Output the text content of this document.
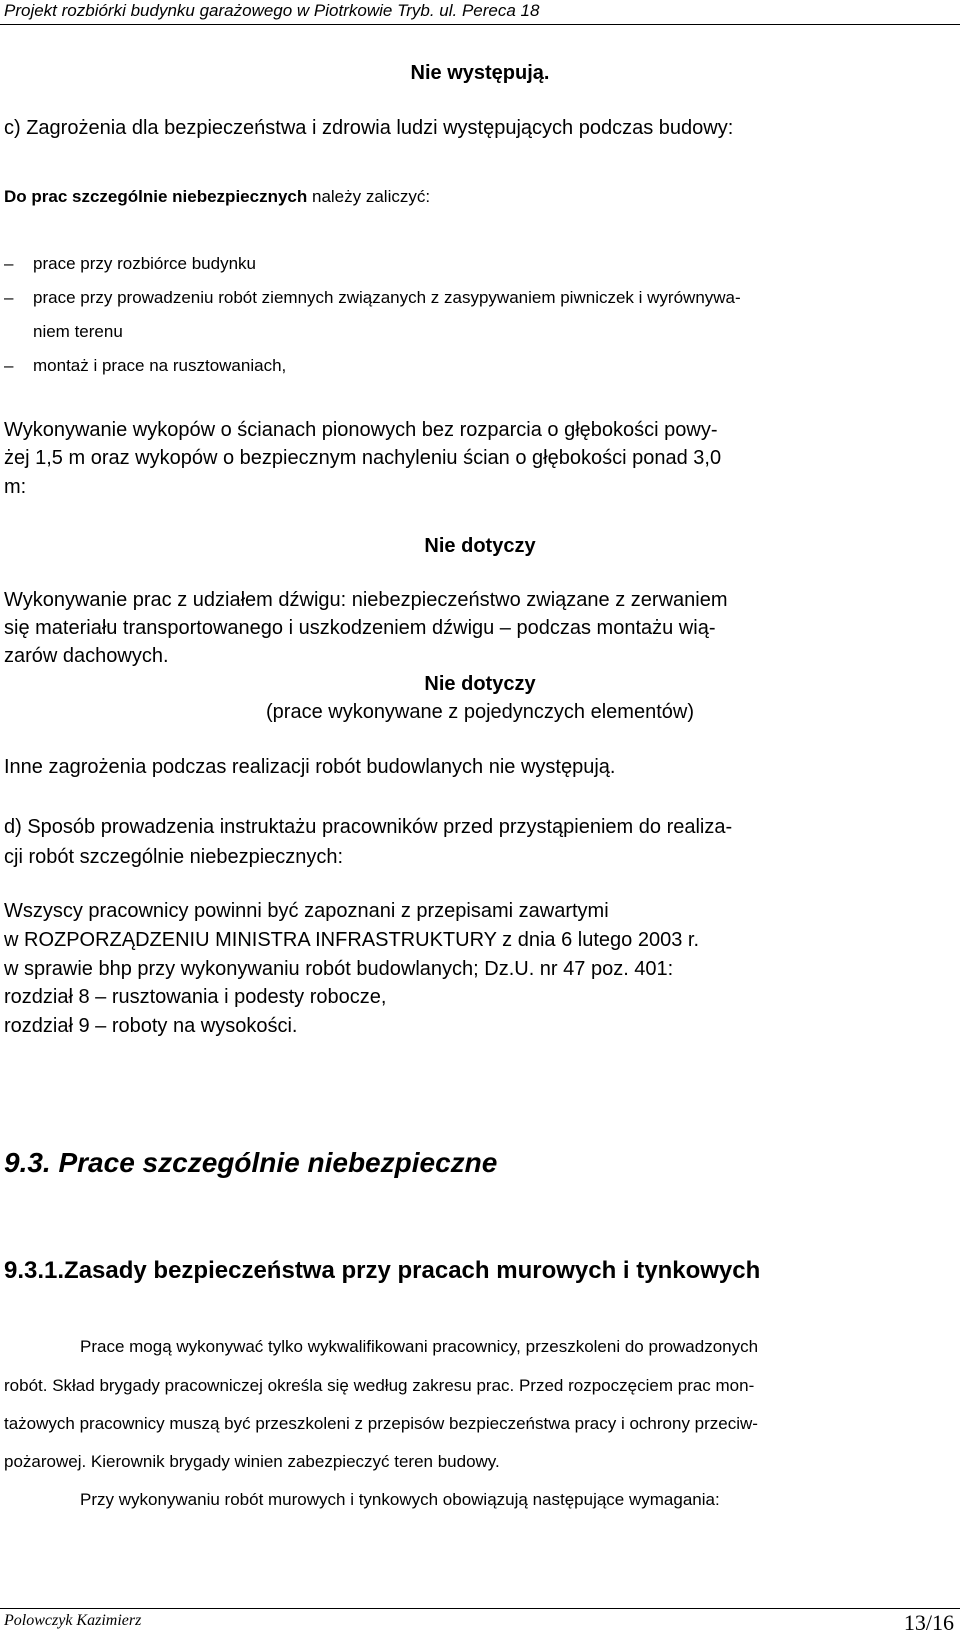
Projekt rozbiórki budynku garażowego w Piotrkowie Tryb. ul. Pereca 18
Nie występują.
c) Zagrożenia dla bezpieczeństwa i zdrowia ludzi występujących podczas budowy:
Do prac szczególnie niebezpiecznych należy zaliczyć:
– prace przy rozbiórce budynku
– prace przy prowadzeniu robót ziemnych związanych z zasypywaniem piwniczek i wyrównywa-
niem terenu
– montaż i prace na rusztowaniach,
Wykonywanie wykopów o ścianach pionowych bez rozparcia o głębokości powy-
żej 1,5 m oraz wykopów o bezpiecznym nachyleniu ścian o głębokości ponad 3,0
m:
Nie dotyczy
Wykonywanie prac z udziałem dźwigu: niebezpieczeństwo związane z zerwaniem
się materiału transportowanego i uszkodzeniem dźwigu – podczas montażu wią-
zarów dachowych.
Nie dotyczy
(prace wykonywane z pojedynczych elementów)
Inne zagrożenia podczas realizacji robót budowlanych nie występują.
d) Sposób prowadzenia instruktażu pracowników przed przystąpieniem do realiza-
cji robót szczególnie niebezpiecznych:
Wszyscy pracownicy powinni być zapoznani z przepisami zawartymi
w ROZPORZĄDZENIU MINISTRA INFRASTRUKTURY z dnia 6 lutego 2003 r.
w sprawie bhp przy wykonywaniu robót budowlanych; Dz.U. nr 47 poz. 401:
rozdział 8 – rusztowania i podesty robocze,
rozdział 9 – roboty na wysokości.
9.3. Prace szczególnie niebezpieczne
9.3.1.Zasady bezpieczeństwa przy pracach murowych i tynkowych
Prace mogą wykonywać tylko wykwalifikowani pracownicy, przeszkoleni do prowadzonych
robót. Skład brygady pracowniczej określa się według zakresu prac. Przed rozpoczęciem prac mon-
tażowych pracownicy muszą być przeszkoleni z przepisów bezpieczeństwa pracy i ochrony przeciw-
pożarowej. Kierownik brygady winien zabezpieczyć teren budowy.
Przy wykonywaniu robót murowych i tynkowych obowiązują następujące wymagania:
Polowczyk Kazimierz	13/16
